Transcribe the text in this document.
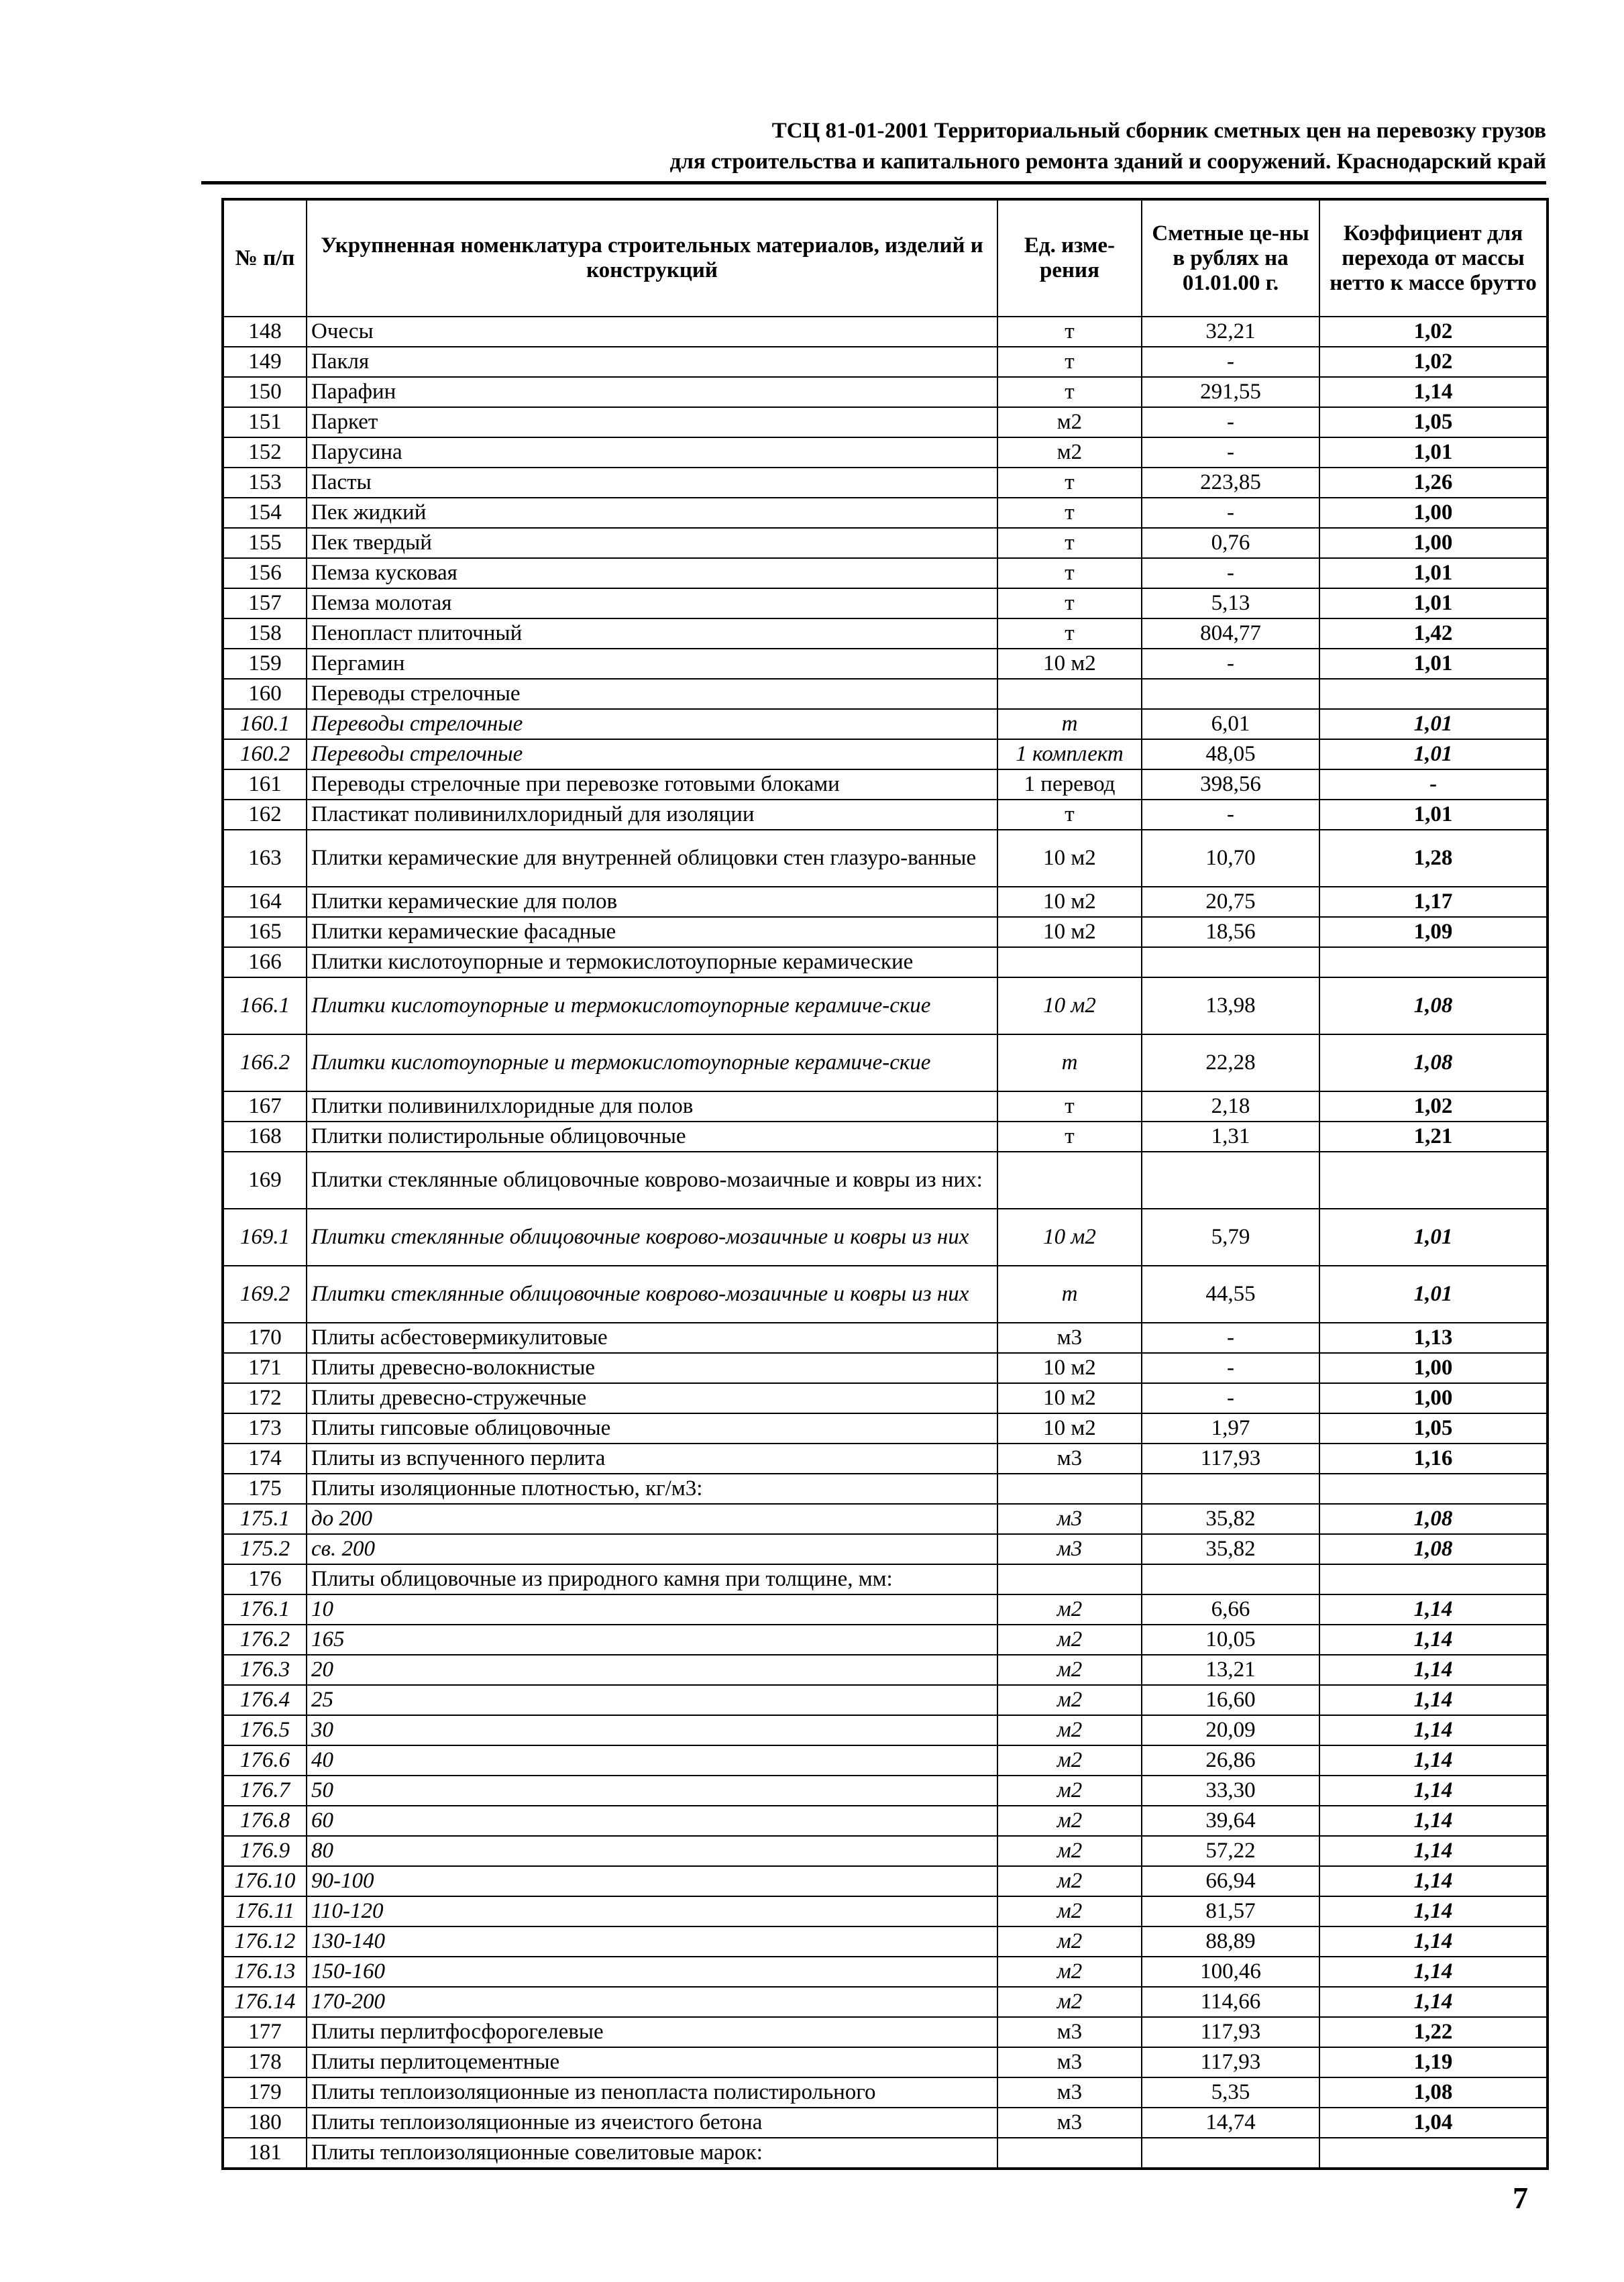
ТСЦ 81-01-2001 Территориальный сборник сметных цен на перевозку грузов
для строительства и капитального ремонта зданий и сооружений. Краснодарский край
№ п/п	Укрупненная номенклатура строительных материалов, изделий и конструкций	Ед. изме-рения	Сметные це-ны в рублях на 01.01.00 г.	Коэффициент для перехода от массы нетто к массе брутто
148	Очесы	т	32,21	1,02
149	Пакля	т	-	1,02
150	Парафин	т	291,55	1,14
151	Паркет	м2	-	1,05
152	Парусина	м2	-	1,01
153	Пасты	т	223,85	1,26
154	Пек жидкий	т	-	1,00
155	Пек твердый	т	0,76	1,00
156	Пемза кусковая	т	-	1,01
157	Пемза молотая	т	5,13	1,01
158	Пенопласт плиточный	т	804,77	1,42
159	Пергамин	10 м2	-	1,01
160	Переводы стрелочные			
160.1	Переводы стрелочные	т	6,01	1,01
160.2	Переводы стрелочные	1 комплект	48,05	1,01
161	Переводы стрелочные при перевозке готовыми блоками	1 перевод	398,56	-
162	Пластикат поливинилхлоридный для изоляции	т	-	1,01
163	Плитки керамические для внутренней облицовки стен глазуро-ванные	10 м2	10,70	1,28
164	Плитки керамические для полов	10 м2	20,75	1,17
165	Плитки керамические фасадные	10 м2	18,56	1,09
166	Плитки кислотоупорные и термокислотоупорные керамические			
166.1	Плитки кислотоупорные и термокислотоупорные керамиче-ские	10 м2	13,98	1,08
166.2	Плитки кислотоупорные и термокислотоупорные керамиче-ские	т	22,28	1,08
167	Плитки поливинилхлоридные для полов	т	2,18	1,02
168	Плитки полистирольные облицовочные	т	1,31	1,21
169	Плитки стеклянные облицовочные коврово-мозаичные и ковры из них:			
169.1	Плитки стеклянные облицовочные коврово-мозаичные и ковры из них	10 м2	5,79	1,01
169.2	Плитки стеклянные облицовочные коврово-мозаичные и ковры из них	т	44,55	1,01
170	Плиты асбестовермикулитовые	м3	-	1,13
171	Плиты древесно-волокнистые	10 м2	-	1,00
172	Плиты древесно-стружечные	10 м2	-	1,00
173	Плиты гипсовые облицовочные	10 м2	1,97	1,05
174	Плиты из вспученного перлита	м3	117,93	1,16
175	Плиты изоляционные плотностью, кг/м3:			
175.1	до 200	м3	35,82	1,08
175.2	св. 200	м3	35,82	1,08
176	Плиты облицовочные из природного камня при толщине, мм:			
176.1	10	м2	6,66	1,14
176.2	165	м2	10,05	1,14
176.3	20	м2	13,21	1,14
176.4	25	м2	16,60	1,14
176.5	30	м2	20,09	1,14
176.6	40	м2	26,86	1,14
176.7	50	м2	33,30	1,14
176.8	60	м2	39,64	1,14
176.9	80	м2	57,22	1,14
176.10	90-100	м2	66,94	1,14
176.11	110-120	м2	81,57	1,14
176.12	130-140	м2	88,89	1,14
176.13	150-160	м2	100,46	1,14
176.14	170-200	м2	114,66	1,14
177	Плиты перлитфосфорогелевые	м3	117,93	1,22
178	Плиты перлитоцементные	м3	117,93	1,19
179	Плиты теплоизоляционные из пенопласта полистирольного	м3	5,35	1,08
180	Плиты теплоизоляционные из ячеистого бетона	м3	14,74	1,04
181	Плиты теплоизоляционные совелитовые марок:			
7
